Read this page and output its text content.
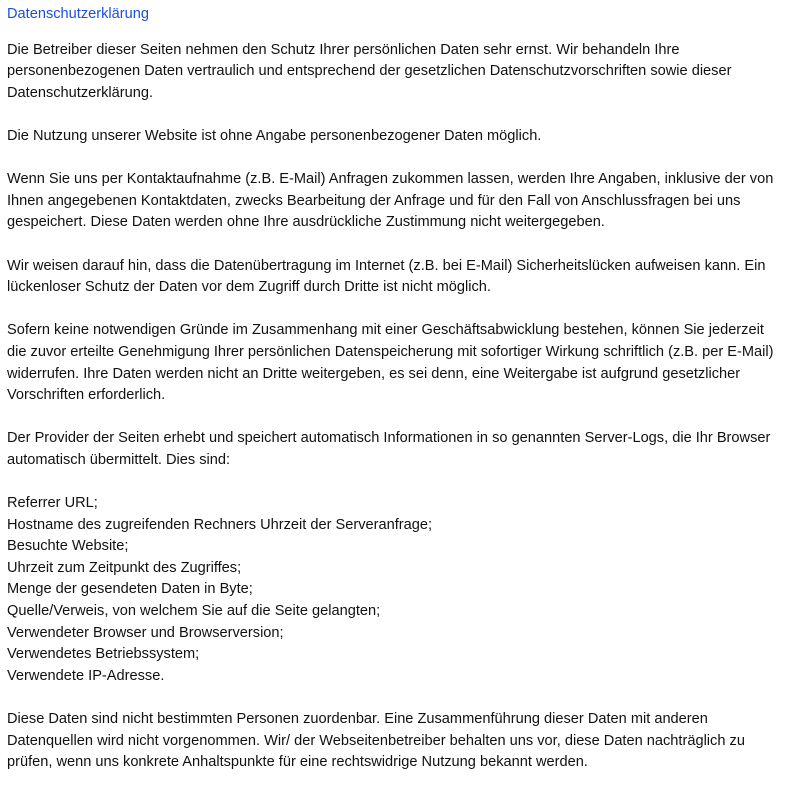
Datenschutzerklärung

Die Betreiber dieser Seiten nehmen den Schutz Ihrer persönlichen Daten sehr ernst. Wir behandeln Ihre personenbezogenen Daten vertraulich und entsprechend der gesetzlichen Datenschutzvorschriften sowie dieser Datenschutzerklärung.

Die Nutzung unserer Website ist ohne Angabe personenbezogener Daten möglich.

Wenn Sie uns per Kontaktaufnahme (z.B. E-Mail) Anfragen zukommen lassen, werden Ihre Angaben, inklusive der von Ihnen angegebenen Kontaktdaten, zwecks Bearbeitung der Anfrage und für den Fall von Anschlussfragen bei uns gespeichert. Diese Daten werden ohne Ihre ausdrückliche Zustimmung nicht weitergegeben.

Wir weisen darauf hin, dass die Datenübertragung im Internet (z.B. bei E-Mail) Sicherheitslücken aufweisen kann. Ein lückenloser Schutz der Daten vor dem Zugriff durch Dritte ist nicht möglich.

Sofern keine notwendigen Gründe im Zusammenhang mit einer Geschäftsabwicklung bestehen, können Sie jederzeit die zuvor erteilte Genehmigung Ihrer persönlichen Datenspeicherung mit sofortiger Wirkung schriftlich (z.B. per E-Mail) widerrufen. Ihre Daten werden nicht an Dritte weitergeben, es sei denn, eine Weitergabe ist aufgrund gesetzlicher Vorschriften erforderlich.

Der Provider der Seiten erhebt und speichert automatisch Informationen in so genannten Server-Logs, die Ihr Browser automatisch übermittelt. Dies sind:

Referrer URL;
Hostname des zugreifenden Rechners Uhrzeit der Serveranfrage;
Besuchte Website;
Uhrzeit zum Zeitpunkt des Zugriffes;
Menge der gesendeten Daten in Byte;
Quelle/Verweis, von welchem Sie auf die Seite gelangten;
Verwendeter Browser und Browserversion;
Verwendetes Betriebssystem;
Verwendete IP-Adresse.

Diese Daten sind nicht bestimmten Personen zuordenbar. Eine Zusammenführung dieser Daten mit anderen Datenquellen wird nicht vorgenommen. Wir/ der Webseitenbetreiber behalten uns vor, diese Daten nachträglich zu prüfen, wenn uns konkrete Anhaltspunkte für eine rechtswidrige Nutzung bekannt werden.
